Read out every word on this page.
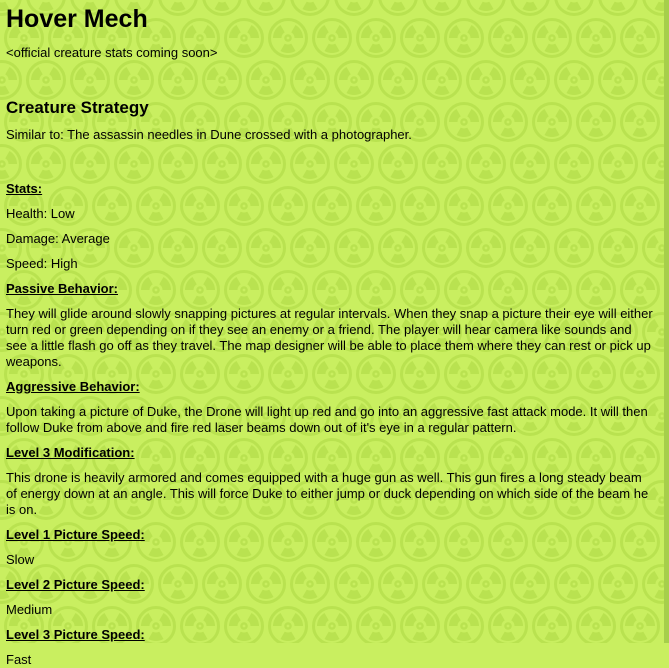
Hover Mech

<official creature stats coming soon>

Creature Strategy

Similar to: The assassin needles in Dune crossed with a photographer.

Stats:

Health: Low

Damage: Average

Speed: High

Passive Behavior:

They will glide around slowly snapping pictures at regular intervals. When they snap a picture their eye will either turn red or green depending on if they see an enemy or a friend. The player will hear camera like sounds and see a little flash go off as they travel. The map designer will be able to place them where they can rest or pick up weapons.

Aggressive Behavior:

Upon taking a picture of Duke, the Drone will light up red and go into an aggressive fast attack mode. It will then follow Duke from above and fire red laser beams down out of it's eye in a regular pattern.

Level 3 Modification:

This drone is heavily armored and comes equipped with a huge gun as well. This gun fires a long steady beam of energy down at an angle. This will force Duke to either jump or duck depending on which side of the beam he is on.

Level 1 Picture Speed:

Slow

Level 2 Picture Speed:

Medium

Level 3 Picture Speed:

Fast
